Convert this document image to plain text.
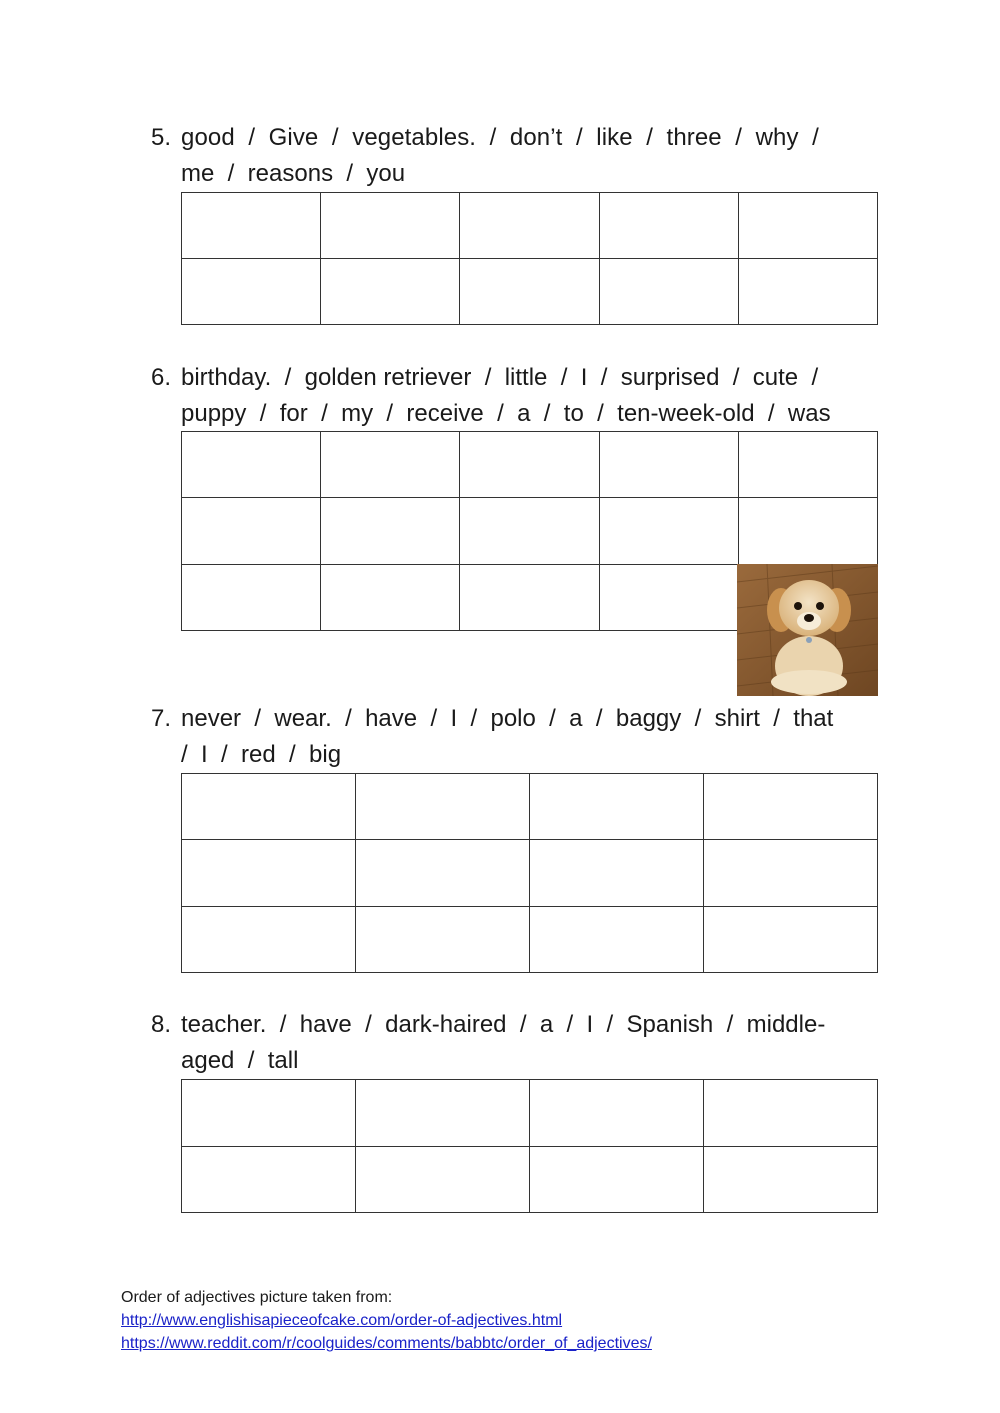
5. good  /  Give  /  vegetables.  /  don’t  /  like  /  three  /  why  /
me  /  reasons  /  you

6. birthday.  /  golden retriever  /  little  /  I  /  surprised  /  cute  /
puppy  /  for  /  my  /  receive  /  a  /  to  /  ten-week-old  /  was

7. never  /  wear.  /  have  /  I  /  polo  /  a  /  baggy  /  shirt  /  that
/  I  /  red  /  big

8. teacher.  /  have  /  dark-haired  /  a  /  I  /  Spanish  /  middle-
aged  /  tall

Order of adjectives picture taken from:
http://www.englishisapieceofcake.com/order-of-adjectives.html
https://www.reddit.com/r/coolguides/comments/babbtc/order_of_adjectives/
